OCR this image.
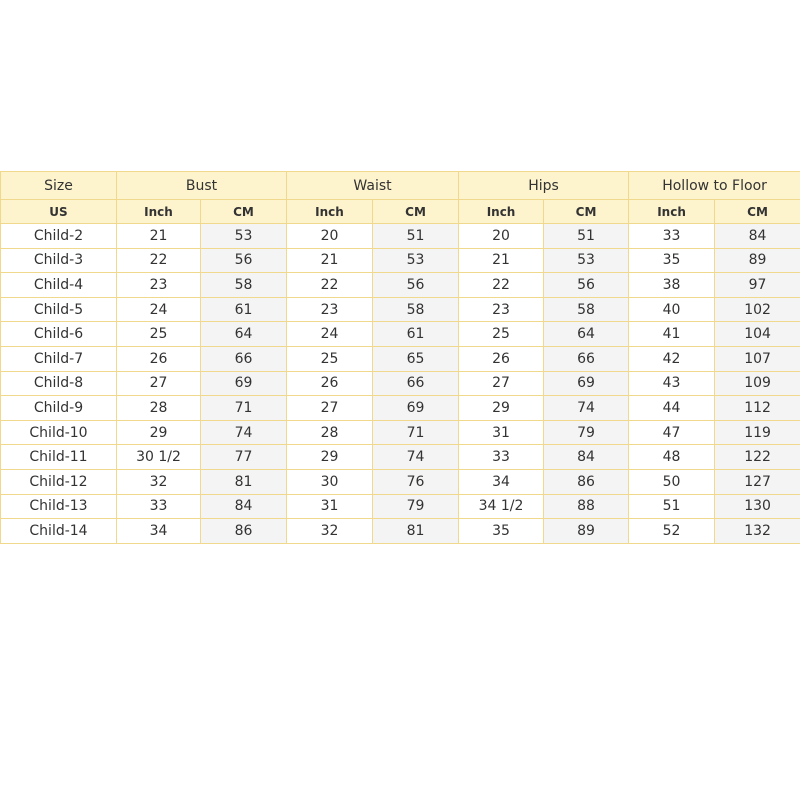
Size	Bust		Waist		Hips		Hollow to Floor	
US	Inch	CM	Inch	CM	Inch	CM	Inch	CM
Child-2	21	53	20	51	20	51	33	84
Child-3	22	56	21	53	21	53	35	89
Child-4	23	58	22	56	22	56	38	97
Child-5	24	61	23	58	23	58	40	102
Child-6	25	64	24	61	25	64	41	104
Child-7	26	66	25	65	26	66	42	107
Child-8	27	69	26	66	27	69	43	109
Child-9	28	71	27	69	29	74	44	112
Child-10	29	74	28	71	31	79	47	119
Child-11	30 1/2	77	29	74	33	84	48	122
Child-12	32	81	30	76	34	86	50	127
Child-13	33	84	31	79	34 1/2	88	51	130
Child-14	34	86	32	81	35	89	52	132
